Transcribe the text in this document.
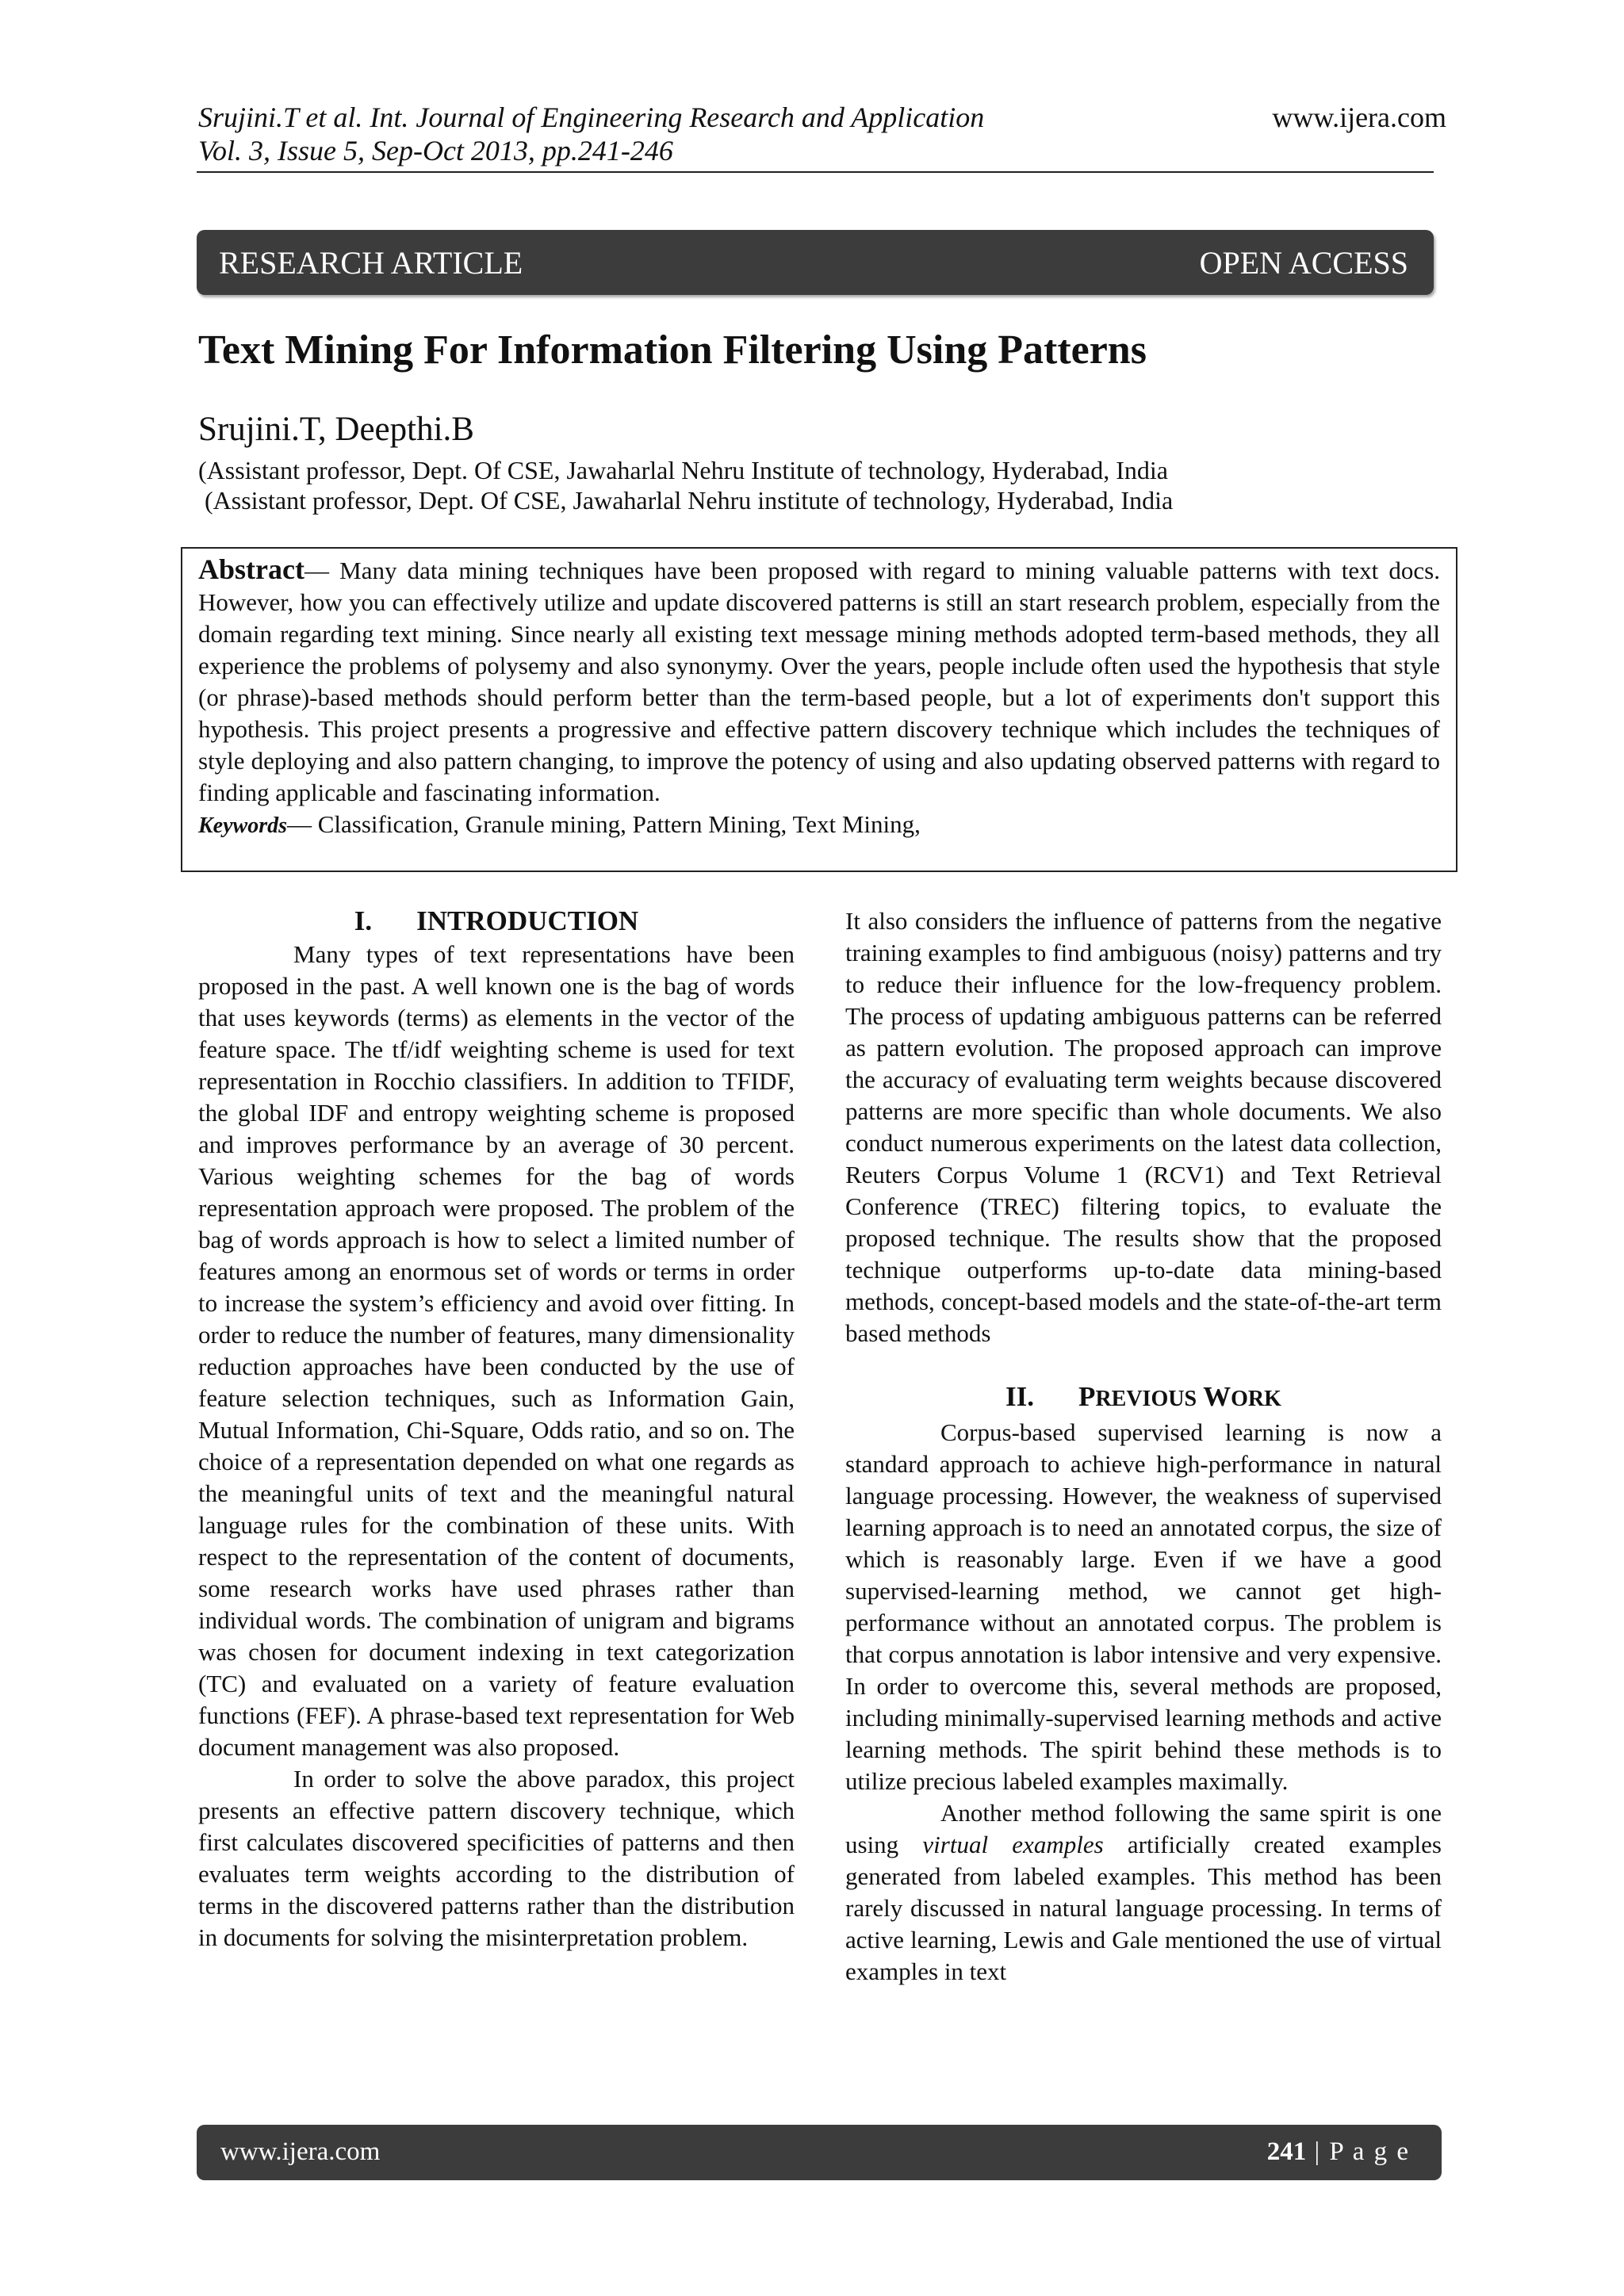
Srujini.T et al. Int. Journal of Engineering Research and Application
Vol. 3, Issue 5, Sep-Oct 2013, pp.241-246
www.ijera.com
RESEARCH ARTICLE	OPEN ACCESS
Text Mining For Information Filtering Using Patterns
Srujini.T, Deepthi.B
(Assistant professor, Dept. Of CSE, Jawaharlal Nehru Institute of technology, Hyderabad, India
(Assistant professor, Dept. Of CSE, Jawaharlal Nehru institute of technology, Hyderabad, India

Abstract— Many data mining techniques have been proposed with regard to mining valuable patterns with text docs. However, how you can effectively utilize and update discovered patterns is still an start research problem, especially from the domain regarding text mining. Since nearly all existing text message mining methods adopted term-based methods, they all experience the problems of polysemy and also synonymy. Over the years, people include often used the hypothesis that style (or phrase)-based methods should perform better than the term-based people, but a lot of experiments don't support this hypothesis. This project presents a progressive and effective pattern discovery technique which includes the techniques of style deploying and also pattern changing, to improve the potency of using and also updating observed patterns with regard to finding applicable and fascinating information.

Keywords— Classification, Granule mining, Pattern Mining, Text Mining,

I. INTRODUCTION

Many types of text representations have been proposed in the past. A well known one is the bag of words that uses keywords (terms) as elements in the vector of the feature space. The tf/idf weighting scheme is used for text representation in Rocchio classifiers. In addition to TFIDF, the global IDF and entropy weighting scheme is proposed and improves performance by an average of 30 percent. Various weighting schemes for the bag of words representation approach were proposed. The problem of the bag of words approach is how to select a limited number of features among an enormous set of words or terms in order to increase the system’s efficiency and avoid over fitting. In order to reduce the number of features, many dimensionality reduction approaches have been conducted by the use of feature selection techniques, such as Information Gain, Mutual Information, Chi-Square, Odds ratio, and so on. The choice of a representation depended on what one regards as the meaningful units of text and the meaningful natural language rules for the combination of these units. With respect to the representation of the content of documents, some research works have used phrases rather than individual words. The combination of unigram and bigrams was chosen for document indexing in text categorization (TC) and evaluated on a variety of feature evaluation functions (FEF). A phrase-based text representation for Web document management was also proposed.

In order to solve the above paradox, this project presents an effective pattern discovery technique, which first calculates discovered specificities of patterns and then evaluates term weights according to the distribution of terms in the discovered patterns rather than the distribution in documents for solving the misinterpretation problem.

It also considers the influence of patterns from the negative training examples to find ambiguous (noisy) patterns and try to reduce their influence for the low-frequency problem. The process of updating ambiguous patterns can be referred as pattern evolution. The proposed approach can improve the accuracy of evaluating term weights because discovered patterns are more specific than whole documents. We also conduct numerous experiments on the latest data collection, Reuters Corpus Volume 1 (RCV1) and Text Retrieval Conference (TREC) filtering topics, to evaluate the proposed technique. The results show that the proposed technique outperforms up-to-date data mining-based methods, concept-based models and the state-of-the-art term based methods

II. PREVIOUS WORK

Corpus-based supervised learning is now a standard approach to achieve high-performance in natural language processing. However, the weakness of supervised learning approach is to need an annotated corpus, the size of which is reasonably large. Even if we have a good supervised-learning method, we cannot get high-performance without an annotated corpus. The problem is that corpus annotation is labor intensive and very expensive. In order to overcome this, several methods are proposed, including minimally-supervised learning methods and active learning methods. The spirit behind these methods is to utilize precious labeled examples maximally.

Another method following the same spirit is one using virtual examples artificially created examples generated from labeled examples. This method has been rarely discussed in natural language processing. In terms of active learning, Lewis and Gale mentioned the use of virtual examples in text

www.ijera.com	241 | P a g e
